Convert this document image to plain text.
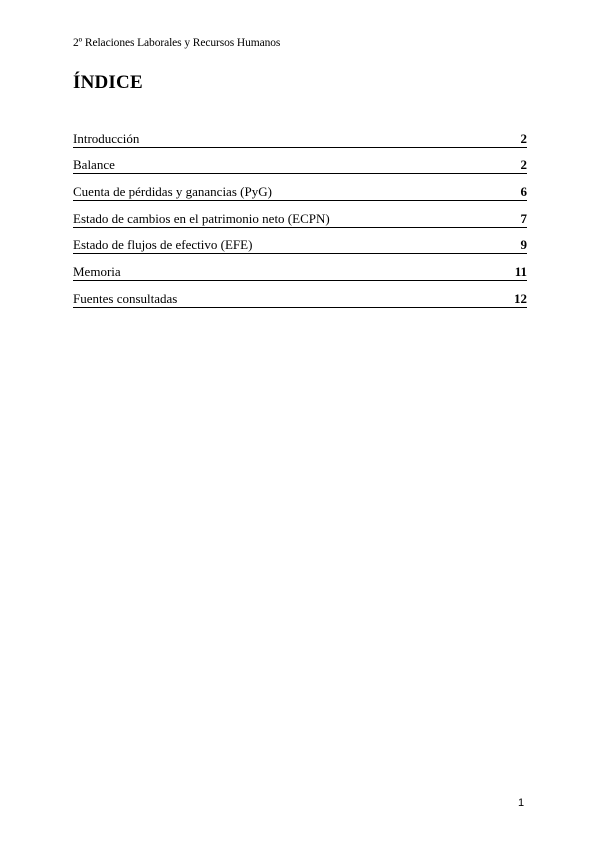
2º Relaciones Laborales y Recursos Humanos
ÍNDICE
Introducción	2
Balance	2
Cuenta de pérdidas y ganancias (PyG)	6
Estado de cambios en el patrimonio neto (ECPN)	7
Estado de flujos de efectivo (EFE)	9
Memoria	11
Fuentes consultadas	12
1
